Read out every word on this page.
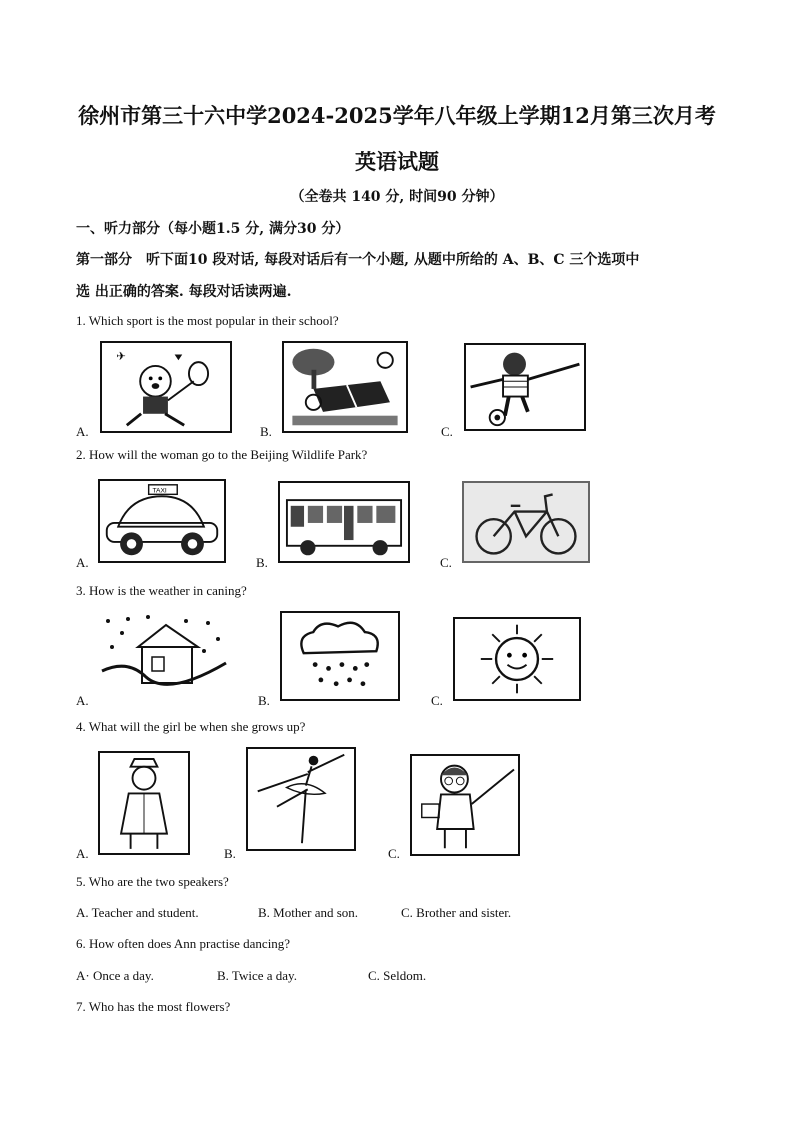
徐州市第三十六中学2024-2025学年八年级上学期12月第三次月考
英语试题
（全卷共 140 分, 时间90 分钟）
一、听力部分（每小题1.5 分, 满分30 分）
第一部分　听下面10 段对话, 每段对话后有一个小题, 从题中所给的 A、B、C 三个选项中
选 出正确的答案. 每段对话读两遍.
1. Which sport is the most popular in their school?
A.
✈
B.	C.
2. How will the woman go to the Beijing Wildlife Park?
A.
TAXI
B.	C.
3. How is the weather in caning?
A.	B.	C.
4. What will the girl be when she grows up?
A.	B.	C.
5. Who are the two speakers?
A. Teacher and student.	B. Mother and son.	C. Brother and sister.
6. How often does Ann practise dancing?
A· Once a day.	B. Twice a day.	C. Seldom.
7. Who has the most flowers?
